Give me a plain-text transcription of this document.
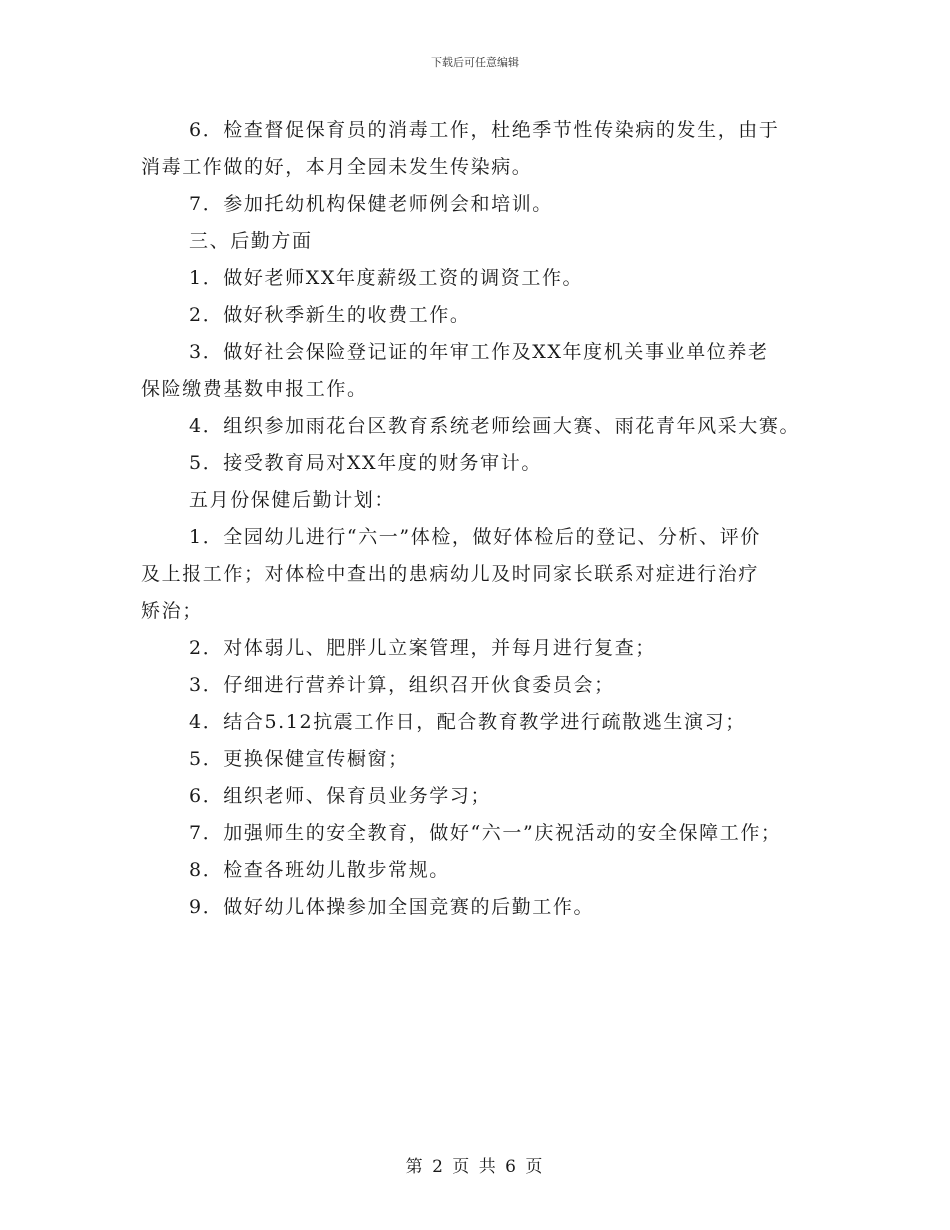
下载后可任意编辑
6．检查督促保育员的消毒工作，杜绝季节性传染病的发生，由于
消毒工作做的好，本月全园未发生传染病。
7．参加托幼机构保健老师例会和培训。
三、后勤方面
1．做好老师XX年度薪级工资的调资工作。
2．做好秋季新生的收费工作。
3．做好社会保险登记证的年审工作及XX年度机关事业单位养老
保险缴费基数申报工作。
4．组织参加雨花台区教育系统老师绘画大赛、雨花青年风采大赛。
5．接受教育局对XX年度的财务审计。
五月份保健后勤计划：
1．全园幼儿进行“六一”体检，做好体检后的登记、分析、评价
及上报工作；对体检中查出的患病幼儿及时同家长联系对症进行治疗
矫治；
2．对体弱儿、肥胖儿立案管理，并每月进行复查；
3．仔细进行营养计算，组织召开伙食委员会；
4．结合5.12抗震工作日，配合教育教学进行疏散逃生演习；
5．更换保健宣传橱窗；
6．组织老师、保育员业务学习；
7．加强师生的安全教育，做好“六一”庆祝活动的安全保障工作；
8．检查各班幼儿散步常规。
9．做好幼儿体操参加全国竞赛的后勤工作。
第 2 页 共 6 页
